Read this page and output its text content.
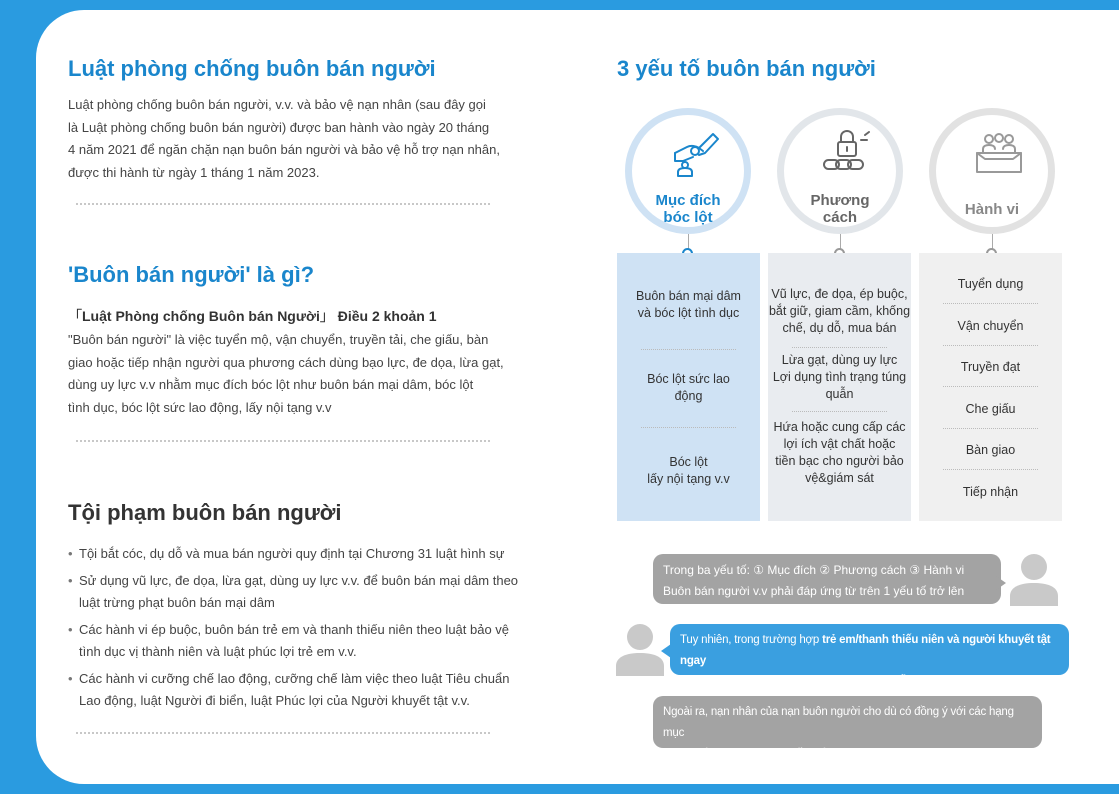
Luật phòng chống buôn bán người
Luật phòng chống buôn bán người, v.v. và bảo vệ nạn nhân (sau đây gọi
là Luật phòng chống buôn bán người) được ban hành vào ngày 20 tháng
4 năm 2021 để ngăn chặn nạn buôn bán người và bảo vệ hỗ trợ nạn nhân,
được thi hành từ ngày 1 tháng 1 năm 2023.
'Buôn bán người' là gì?
「Luật Phòng chống Buôn bán Người」 Điều 2 khoản 1
"Buôn bán người" là việc tuyển mộ, vận chuyển, truyền tải, che giấu, bàn
giao hoặc tiếp nhận người qua phương cách dùng bạo lực, đe dọa, lừa gạt,
dùng uy lực v.v nhằm mục đích bóc lột như buôn bán mại dâm, bóc lột
tình dục, bóc lột sức lao động, lấy nội tạng v.v
Tội phạm buôn bán người
• Tội bắt cóc, dụ dỗ và mua bán người quy định tại Chương 31 luật hình sự
• Sử dụng vũ lực, đe dọa, lừa gạt, dùng uy lực v.v. để buôn bán mại dâm theo
luật trừng phạt buôn bán mại dâm
• Các hành vi ép buộc, buôn bán trẻ em và thanh thiếu niên theo luật bảo vệ
tình dục vị thành niên và luật phúc lợi trẻ em v.v.
• Các hành vi cưỡng chế lao động, cưỡng chế làm việc theo luật Tiêu chuẩn
Lao động, luật Người đi biển, luật Phúc lợi của Người khuyết tật v.v.
3 yếu tố buôn bán người
Mục đích
bóc lột
Phương
cách	Hành vi
Buôn bán mại dâm
và bóc lột tình dục
Bóc lột sức lao
động
Bóc lột
lấy nội tạng v.v
Vũ lực, đe dọa, ép buộc,
bắt giữ, giam cầm, khống
chế, dụ dỗ, mua bán
Lừa gạt, dùng uy lực
Lợi dụng tình trạng túng
quẫn
Hứa hoặc cung cấp các
lợi ích vật chất hoặc
tiền bạc cho người bảo
vệ&giám sát
Tuyển dụng
Vận chuyển
Truyền đạt
Che giấu
Bàn giao
Tiếp nhận
Trong ba yếu tố: ① Mục đích ② Phương cách ③ Hành vi
Buôn bán người v.v phải đáp ứng từ trên 1 yếu tố trở lên
Tuy nhiên, trong trường hợp trẻ em/thanh thiếu niên và người khuyết tật ngay
cả khi không có yếu tố phương cách thì vẫn được coi là 'buôn bán
Ngoài ra, nạn nhân của nạn buôn người cho dù có đồng ý với các hạng mục
cũng không ảnh hưởng đến việc xác định là nạn nhân của nạn buôn người
